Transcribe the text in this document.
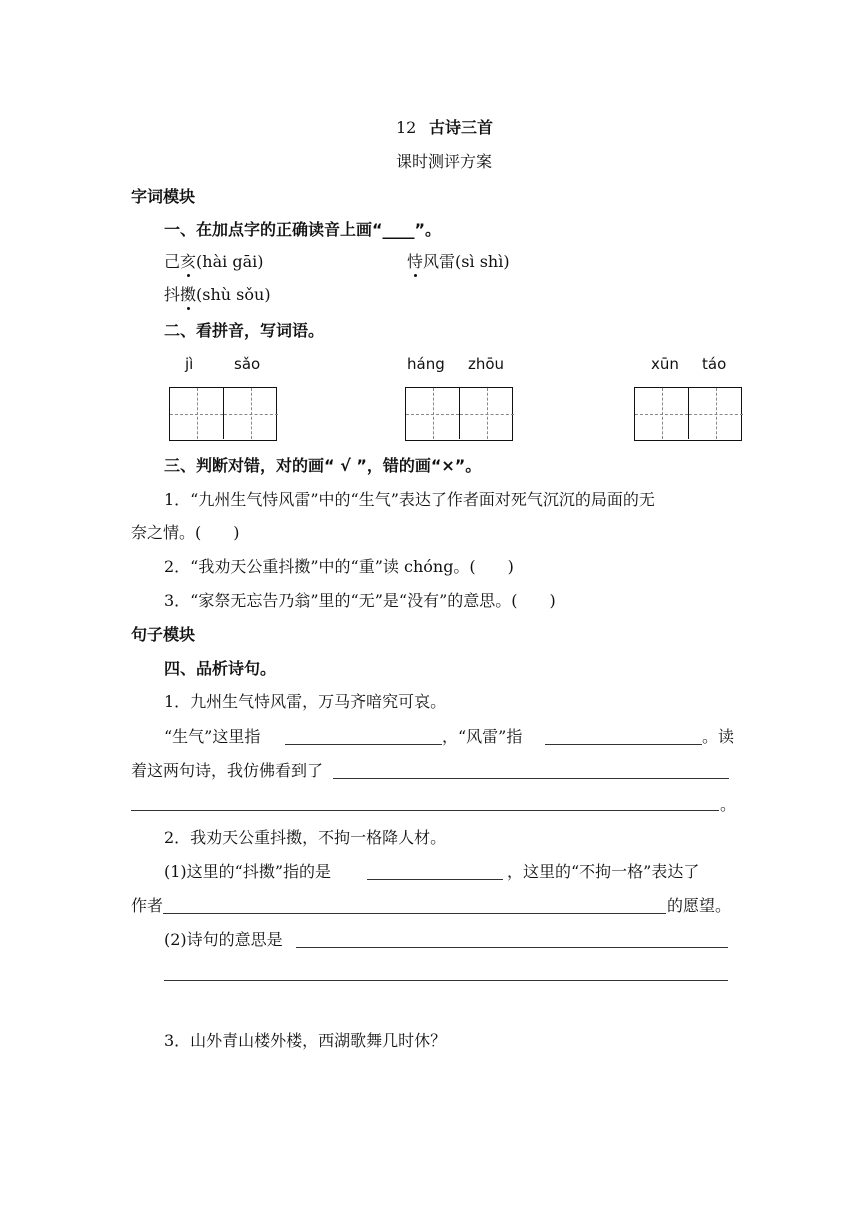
12 古诗三首
课时测评方案
字词模块
一、在加点字的正确读音上画“____”。
己亥(hài gāi)	恃风雷(sì shì)
抖擞(shù sǒu)
二、看拼音，写词语。
jì	sǎo	háng zhōu	xūn táo
三、判断对错，对的画“ √ ”，错的画“×”。
1．“九州生气恃风雷”中的“生气”表达了作者面对死气沉沉的局面的无
奈之情。(　　)
2．“我劝天公重抖擞”中的“重”读 chóng。(　　)
3．“家祭无忘告乃翁”里的“无”是“没有”的意思。(　　)
句子模块
四、品析诗句。
1．九州生气恃风雷，万马齐喑究可哀。
“生气”这里指	，“风雷”指	。读
着这两句诗，我仿佛看到了
。
2．我劝天公重抖擞，不拘一格降人材。
(1)这里的“抖擞”指的是	，这里的“不拘一格”表达了
作者	的愿望。
(2)诗句的意思是
3．山外青山楼外楼，西湖歌舞几时休？
